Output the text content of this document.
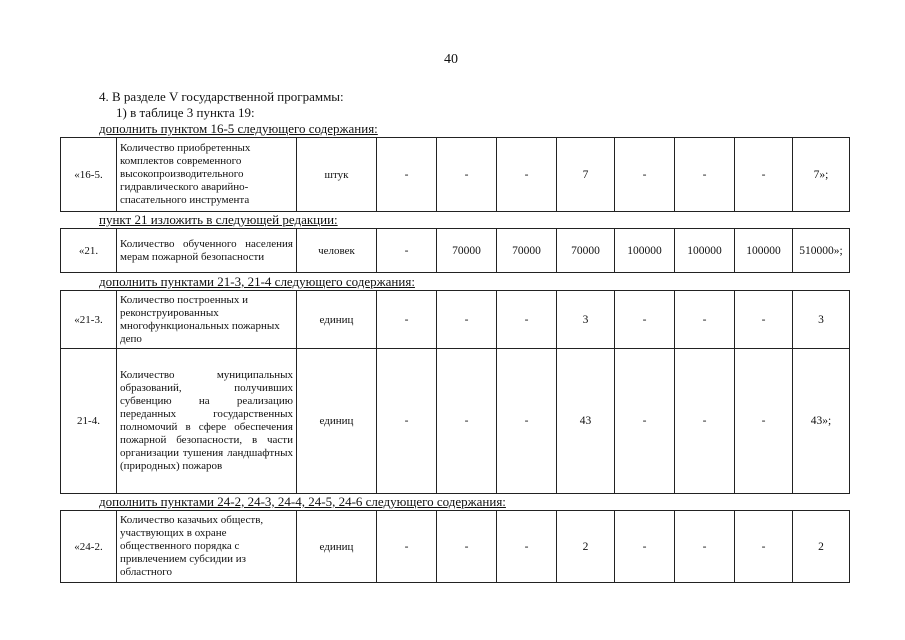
40
4. В разделе V государственной программы:
1) в таблице 3 пункта 19:
дополнить пунктом 16-5 следующего содержания:
«16-5.	Количество приобретенных комплектов современного высокопроизводительного гидравлического аварийно-спасательного инструмента	штук	-	-	-	7	-	-	-	7»;
пункт 21 изложить в следующей редакции:
«21.	Количество обученного населения мерам пожарной безопасности	человек	-	70000	70000	70000	100000	100000	100000	510000»;
дополнить пунктами 21-3, 21-4 следующего содержания:
«21-3.	Количество построенных и реконструированных многофункциональных пожарных депо	единиц	-	-	-	3	-	-	-	3
21-4.	Количество муниципальных образований, получивших субвенцию на реализацию переданных государственных полномочий в сфере обеспечения пожарной безопасности, в части организации тушения ландшафтных (природных) пожаров	единиц	-	-	-	43	-	-	-	43»;
дополнить пунктами 24-2, 24-3, 24-4, 24-5, 24-6 следующего содержания:
«24-2.	Количество казачьих обществ, участвующих в охране общественного порядка с привлечением субсидии из областного	единиц	-	-	-	2	-	-	-	2
